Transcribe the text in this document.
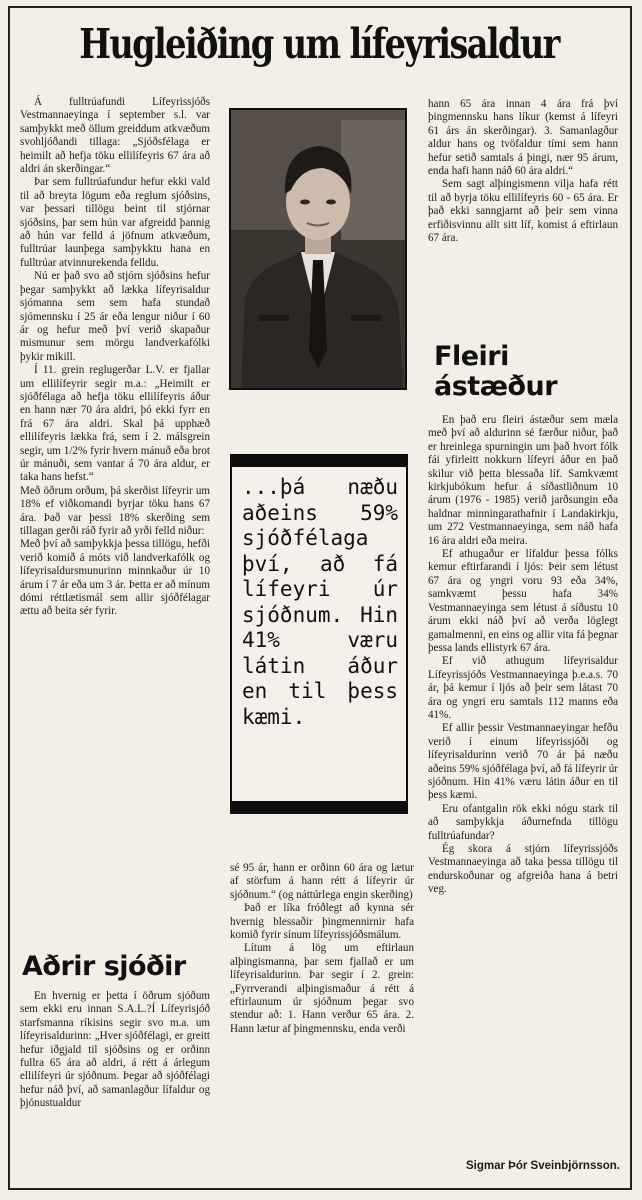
Hugleiðing um lífeyrisaldur

Á fulltrúafundi Lífeyrissjóðs Vestmannaeyinga í september s.l. var samþykkt með öllum greiddum atkvæðum svohljóðandi tillaga: „Sjóðsfélaga er heimilt að hefja töku ellilífeyris 67 ára að aldri án skerðingar.“

Þar sem fulltrúafundur hefur ekki vald til að breyta lögum eða reglum sjóðsins, var þessari tillögu beint til stjórnar sjóðsins, þar sem hún var afgreidd þannig að hún var felld á jöfnum atkvæðum, fulltrúar launþega samþykktu hana en fulltrúar atvinnurekenda felldu.

Nú er það svo að stjórn sjóðsins hefur þegar samþykkt að lækka lífeyrisaldur sjómanna sem sem hafa stundað sjómennsku í 25 ár eða lengur niður í 60 ár og hefur með því verið skapaður mismunur sem mörgu landverkafólki þykir mikill.

Í 11. grein reglugerðar L.V. er fjallar um ellilífeyrir segir m.a.: „Heimilt er sjóðfélaga að hefja töku ellilífeyris áður en hann nær 70 ára aldri, þó ekki fyrr en frá 67 ára aldri. Skal þá upphæð ellilífeyris lækka frá, sem í 2. málsgrein segir, um 1/2% fyrir hvern mánuð eða brot úr mánuði, sem vantar á 70 ára aldur, er taka hans hefst.“

Með öðrum orðum, þá skerðist lífeyrir um 18% ef viðkomandi byrjar töku hans 67 ára. Það var þessi 18% skerðing sem tillagan gerði ráð fyrir að yrði felld niður:

Með því að samþykkja þessa tillögu, hefði verið komið á móts við landverkafólk og lífeyrisaldursmunurinn minnkaður úr 10 árum í 7 ár eða um 3 ár. Þetta er að mínum dómi réttlætismál sem allir sjóðfélagar ættu að beita sér fyrir.

Aðrir sjóðir

En hvernig er þetta í öðrum sjóðum sem ekki eru innan S.A.L.?Í Lífeyrisjóð starfsmanna ríkisins segir svo m.a. um lífeyrisaldurinn: „Hver sjóðfélagi, er greitt hefur iðgjald til sjóðsins og er orðinn fullra 65 ára að aldri, á rétt á árlegum ellilífeyri úr sjóðnum. Þegar að sjóðfélagi hefur náð því, að samanlagður lífaldur og þjónustualdur

...þá næðu aðeins 59% sjóðfélaga því, að fá lífeyri úr sjóðnum. Hin 41% væru látin áður en til þess kæmi.

sé 95 ár, hann er orðinn 60 ára og lætur af störfum á hann rétt á lífeyrir úr sjóðnum.“ (og náttúrlega engin skerðing)

Það er líka fróðlegt að kynna sér hvernig blessaðir þingmennirnir hafa komið fyrir sínum lífeyrissjóðsmálum.

Lítum á lög um eftirlaun alþingismanna, þar sem fjallað er um lífeyrisaldurinn. Þar segir í 2. grein: „Fyrrverandi alþingismaður á rétt á eftirlaunum úr sjóðnum þegar svo stendur að: 1. Hann verður 65 ára. 2. Hann lætur af þingmennsku, enda verði

hann 65 ára innan 4 ára frá því þingmennsku hans líkur (kemst á lífeyri 61 árs án skerðingar). 3. Samanlagður aldur hans og tvöfaldur tími sem hann hefur setið samtals á þingi, nær 95 árum, enda hafi hann náð 60 ára aldri.“

Sem sagt alþingismenn vilja hafa rétt til að byrja töku ellilífeyris 60 - 65 ára. Er það ekki sanngjarnt að þeir sem vinna erfiðisvinnu allt sitt líf, komist á eftirlaun 67 ára.

Fleiri ástæður

En það eru fleiri ástæður sem mæla með því að aldurinn sé færður niður, það er hreinlega spurningin um það hvort fólk fái yfirleitt nokkurn lífeyri áður en það skilur við þetta blessaða líf. Samkvæmt kirkjubókum hefur á síðastliðnum 10 árum (1976 - 1985) verið jarðsungin eða haldnar minningarathafnir í Landakirkju, um 272 Vestmannaeyinga, sem náð hafa 16 ára aldri eða meira.

Ef athugaður er lífaldur þessa fólks kemur eftirfarandi í ljós: Þeir sem létust 67 ára og yngri voru 93 eða 34%, samkvæmt þessu hafa 34% Vestmannaeyinga sem létust á síðustu 10 árum ekki náð því að verða löglegt gamalmenni, en eins og allir vita fá þegnar þessa lands ellistyrk 67 ára.

Ef við athugum lífeyrisaldur Lífeyrissjóðs Vestmannaeyinga þ.e.a.s. 70 ár, þá kemur í ljós að þeir sem látast 70 ára og yngri eru samtals 112 manns eða 41%.

Ef allir þessir Vestmannaeyingar hefðu verið í einum lífeyrissjóði og lífeyrisaldurinn verið 70 ár þá næðu aðeins 59% sjóðfélaga því, að fá lífeyrir úr sjóðnum. Hin 41% væru látin áður en til þess kæmi.

Eru ofantgalin rök ekki nógu stark til að samþykkja áðurnefnda tillögu fulltrúafundar?

Ég skora á stjórn lífeyrissjóðs Vestmannaeyinga að taka þessa tillögu til endurskoðunar og afgreiða hana á betri veg.

Sigmar Þór Sveinbjörnsson.
